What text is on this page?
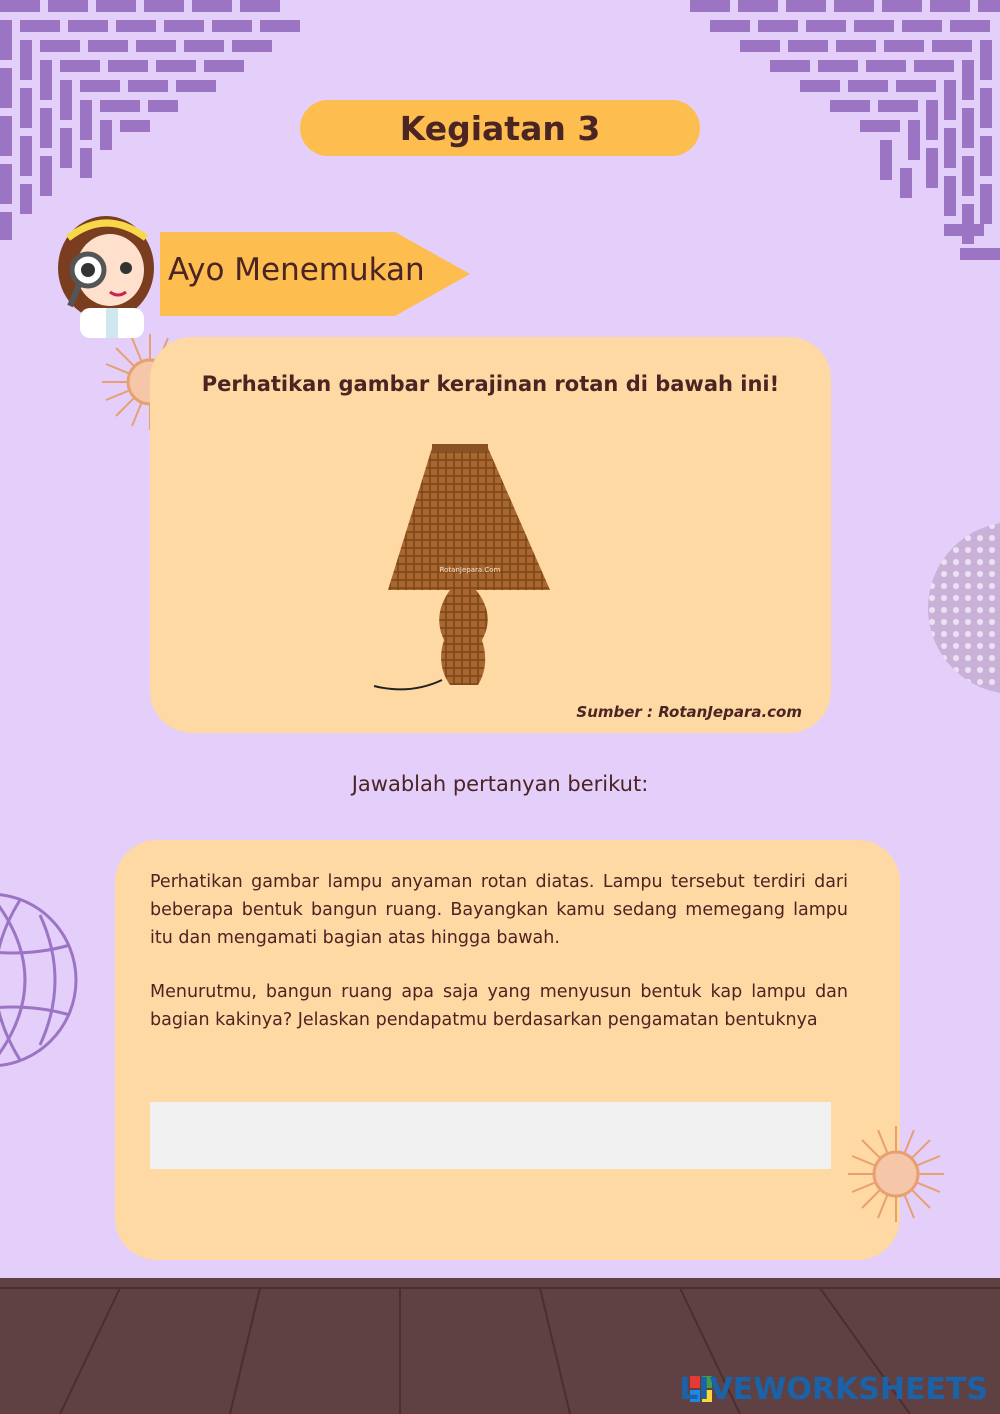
Kegiatan 3
Ayo Menemukan
Perhatikan gambar kerajinan rotan di bawah ini!
RotanJepara.Com
Sumber : RotanJepara.com
Jawablah pertanyan berikut:

Perhatikan gambar lampu anyaman rotan diatas. Lampu tersebut terdiri dari beberapa bentuk bangun ruang. Bayangkan kamu sedang memegang lampu itu dan mengamati bagian atas hingga bawah.

Menurutmu, bangun ruang apa saja yang menyusun bentuk kap lampu dan bagian kakinya? Jelaskan pendapatmu berdasarkan pengamatan bentuknya

LIVEWORKSHEETS
